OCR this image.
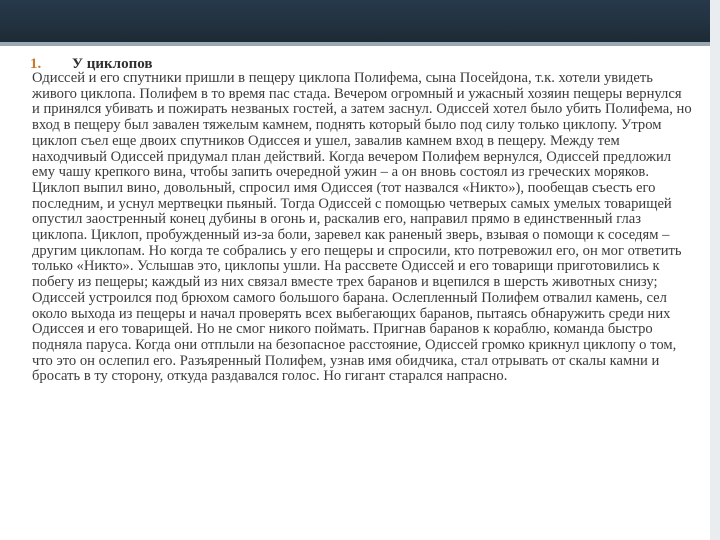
1. У циклопов

Одиссей и его спутники пришли в пещеру циклопа Полифема, сына Посейдона, т.к. хотели увидеть живого циклопа. Полифем в то время пас стада. Вечером огромный и ужасный хозяин пещеры вернулся и принялся убивать и пожирать незваных гостей, а затем заснул. Одиссей хотел было убить Полифема, но вход в пещеру был завален тяжелым камнем, поднять который было под силу только циклопу. Утром циклоп съел еще двоих спутников Одиссея и ушел, завалив камнем вход в пещеру. Между тем находчивый Одиссей придумал план действий. Когда вечером Полифем вернулся, Одиссей предложил ему чашу крепкого вина, чтобы запить очередной ужин – а он вновь состоял из греческих моряков. Циклоп выпил вино, довольный, спросил имя Одиссея (тот назвался «Никто»), пообещав съесть его последним, и уснул мертвецки пьяный. Тогда Одиссей с помощью четверых самых умелых товарищей опустил заостренный конец дубины в огонь и, раскалив его, направил прямо в единственный глаз циклопа. Циклоп, пробужденный из-за боли, заревел как раненый зверь, взывая о помощи к соседям – другим циклопам. Но когда те собрались у его пещеры и спросили, кто потревожил его, он мог ответить только «Никто». Услышав это, циклопы ушли. На рассвете Одиссей и его товарищи приготовились к побегу из пещеры; каждый из них связал вместе трех баранов и вцепился в шерсть животных снизу; Одиссей устроился под брюхом самого большого барана. Ослепленный Полифем отвалил камень, сел около выхода из пещеры и начал проверять всех выбегающих баранов, пытаясь обнаружить среди них Одиссея и его товарищей. Но не смог никого поймать. Пригнав баранов к кораблю, команда быстро подняла паруса. Когда они отплыли на безопасное расстояние, Одиссей громко крикнул циклопу о том, что это он ослепил его. Разъяренный Полифем, узнав имя обидчика, стал отрывать от скалы камни и бросать в ту сторону, откуда раздавался голос. Но гигант старался напрасно.
